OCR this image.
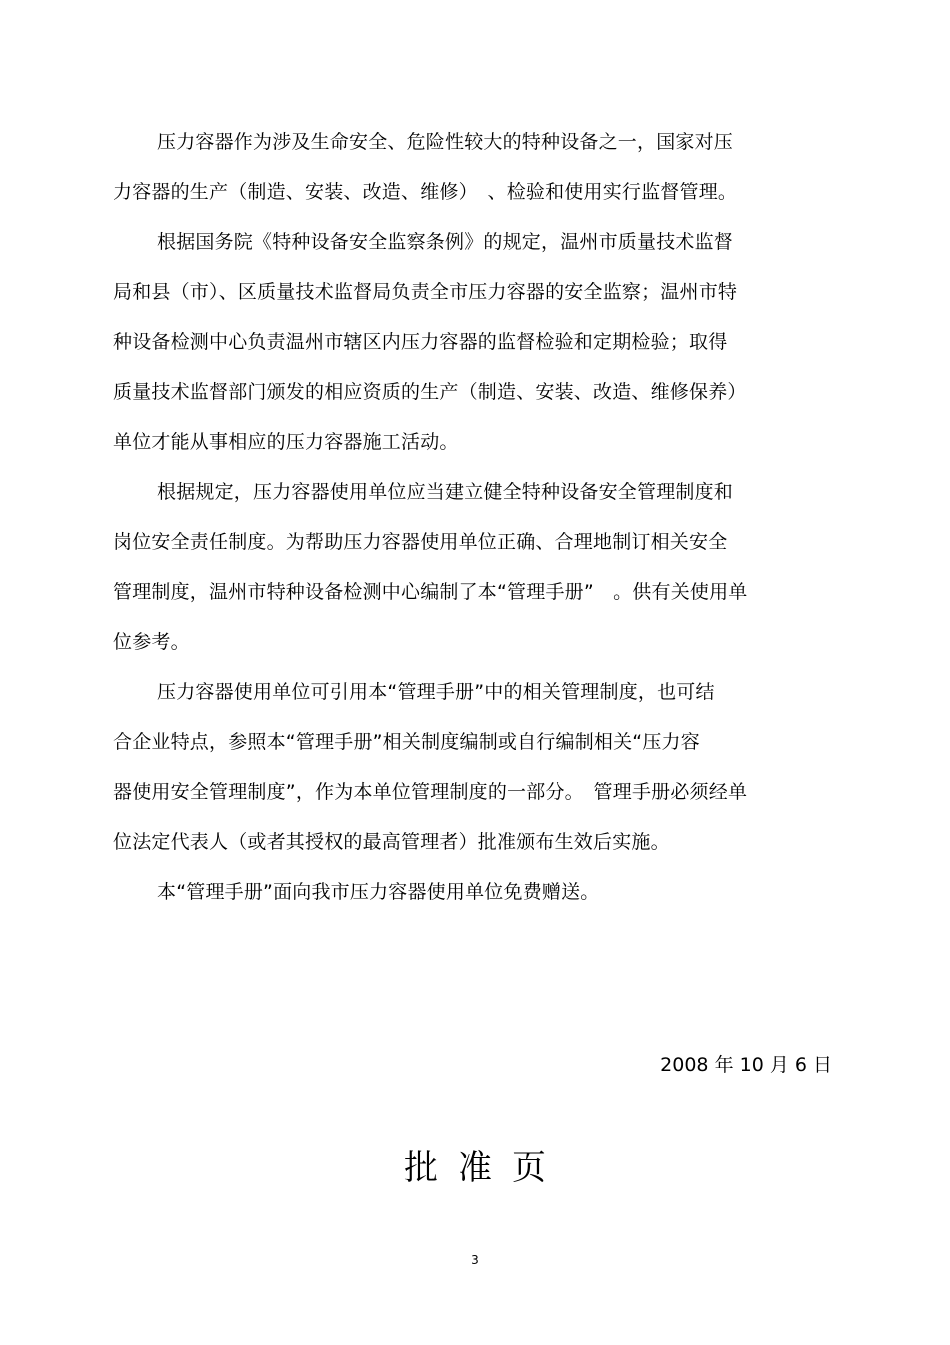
压力容器作为涉及生命安全、危险性较大的特种设备之一，国家对压
力容器的生产（制造、安装、改造、维修）　、检验和使用实行监督管理。
根据国务院《特种设备安全监察条例》的规定，温州市质量技术监督
局和县（市）、区质量技术监督局负责全市压力容器的安全监察；温州市特
种设备检测中心负责温州市辖区内压力容器的监督检验和定期检验；取得
质量技术监督部门颁发的相应资质的生产（制造、安装、改造、维修保养）
单位才能从事相应的压力容器施工活动。
根据规定，压力容器使用单位应当建立健全特种设备安全管理制度和
岗位安全责任制度。为帮助压力容器使用单位正确、合理地制订相关安全
管理制度，温州市特种设备检测中心编制了本“管理手册”　。供有关使用单
位参考。
压力容器使用单位可引用本“管理手册”中的相关管理制度，也可结
合企业特点，参照本“管理手册”相关制度编制或自行编制相关“压力容
器使用安全管理制度”，作为本单位管理制度的一部分。　管理手册必须经单
位法定代表人（或者其授权的最高管理者）批准颁布生效后实施。
本“管理手册”面向我市压力容器使用单位免费赠送。
2008 年 10 月 6 日
批准页
3
